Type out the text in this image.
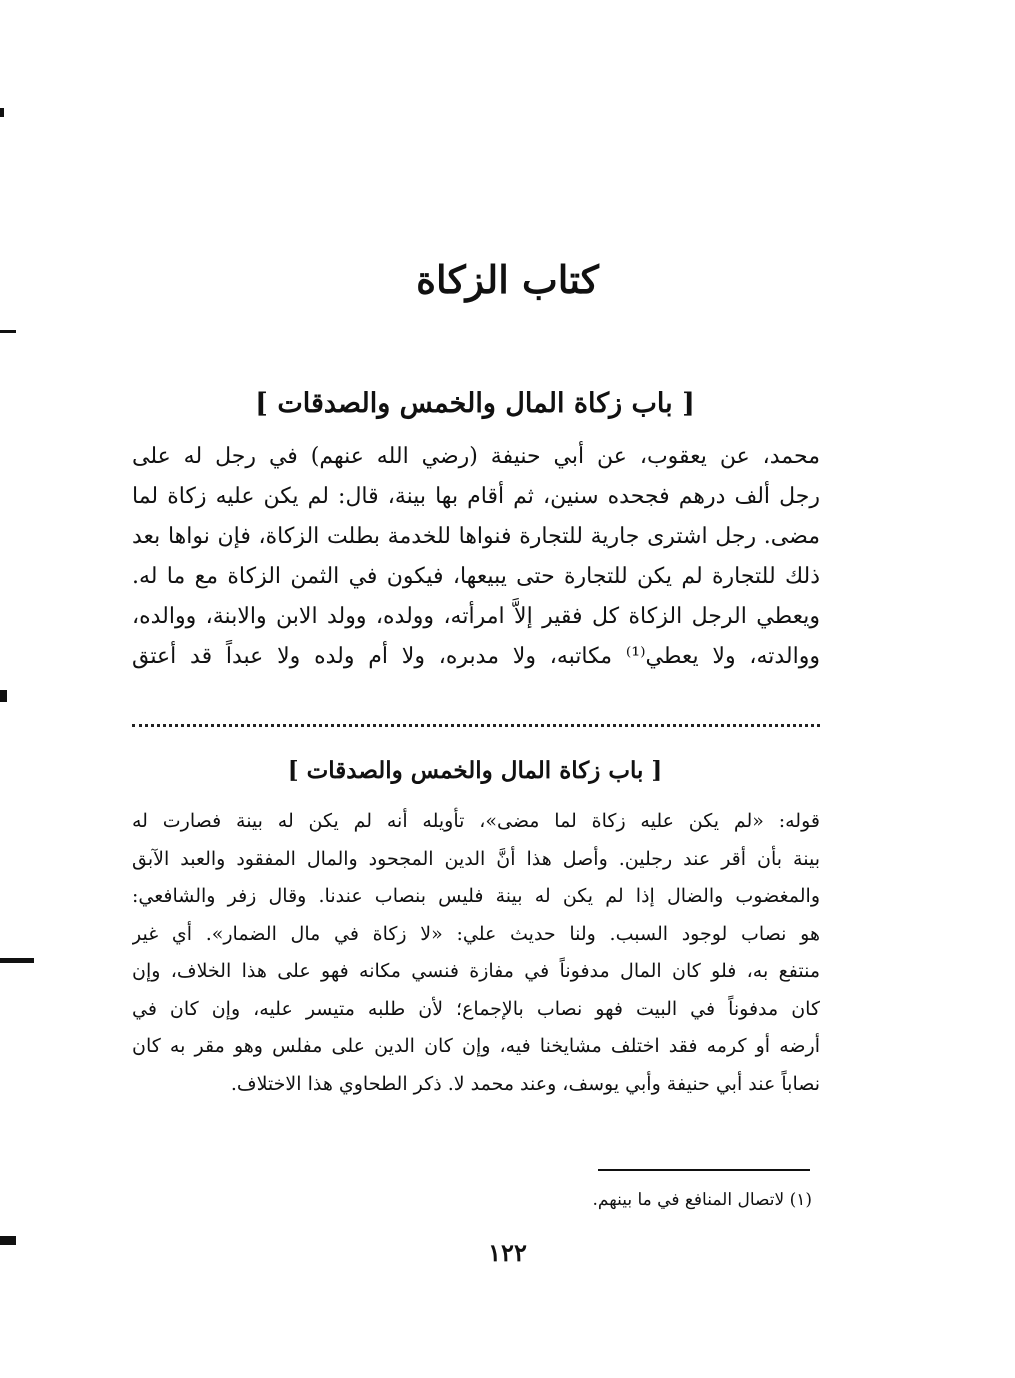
كتاب الزكاة
[ باب زكاة المال والخمس والصدقات ]
محمد، عن يعقوب، عن أبي حنيفة (رضي الله عنهم) في رجل له على
رجل ألف درهم فجحده سنين، ثم أقام بها بينة، قال: لم يكن عليه زكاة لما
مضى. رجل اشترى جارية للتجارة فنواها للخدمة بطلت الزكاة، فإن نواها بعد
ذلك للتجارة لم يكن للتجارة حتى يبيعها، فيكون في الثمن الزكاة مع ما له.
ويعطي الرجل الزكاة كل فقير إلاَّ امرأته، وولده، وولد الابن والابنة، ووالده،
ووالدته، ولا يعطي⁽¹⁾ مكاتبه، ولا مدبره، ولا أم ولده ولا عبداً قد أعتق
[ باب زكاة المال والخمس والصدقات ]
قوله: «لم يكن عليه زكاة لما مضى»، تأويله أنه لم يكن له بينة فصارت له
بينة بأن أقر عند رجلين. وأصل هذا أنَّ الدين المجحود والمال المفقود والعبد الآبق
والمغضوب والضال إذا لم يكن له بينة فليس بنصاب عندنا. وقال زفر والشافعي:
هو نصاب لوجود السبب. ولنا حديث علي: «لا زكاة في مال الضمار». أي غير
منتفع به، فلو كان المال مدفوناً في مفازة فنسي مكانه فهو على هذا الخلاف، وإن
كان مدفوناً في البيت فهو نصاب بالإجماع؛ لأن طلبه متيسر عليه، وإن كان في
أرضه أو كرمه فقد اختلف مشايخنا فيه، وإن كان الدين على مفلس وهو مقر به كان
نصاباً عند أبي حنيفة وأبي يوسف، وعند محمد لا. ذكر الطحاوي هذا الاختلاف.
(١) لاتصال المنافع في ما بينهم.
١٢٢
